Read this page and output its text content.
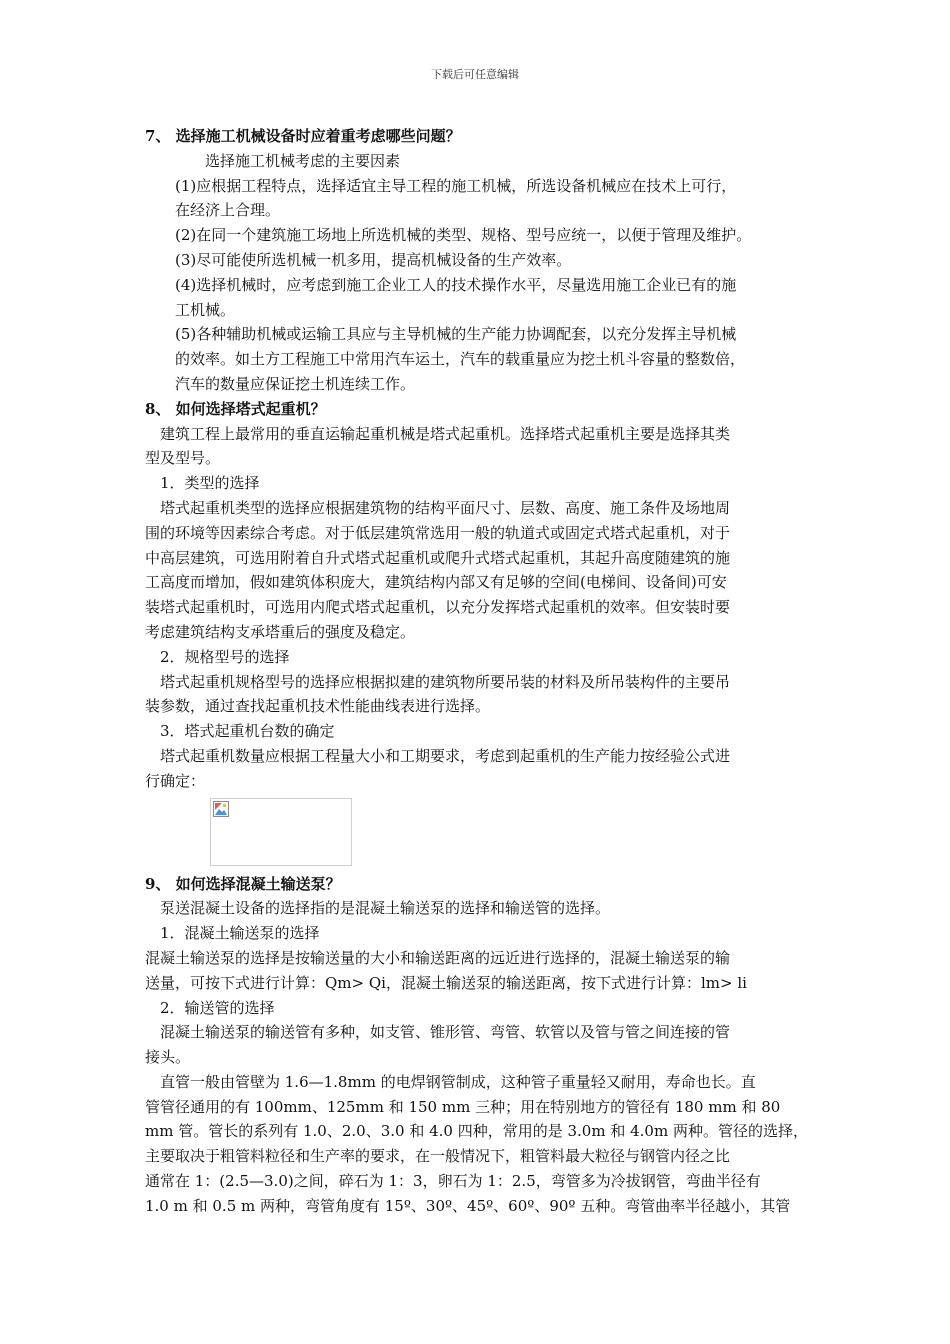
下载后可任意编辑
7、 选择施工机械设备时应着重考虑哪些问题？
选择施工机械考虑的主要因素
(1)应根据工程特点，选择适宜主导工程的施工机械，所选设备机械应在技术上可行，
在经济上合理。
(2)在同一个建筑施工场地上所选机械的类型、规格、型号应统一，以便于管理及维护。
(3)尽可能使所选机械一机多用，提高机械设备的生产效率。
(4)选择机械时，应考虑到施工企业工人的技术操作水平，尽量选用施工企业已有的施
工机械。
(5)各种辅助机械或运输工具应与主导机械的生产能力协调配套，以充分发挥主导机械
的效率。如土方工程施工中常用汽车运土，汽车的载重量应为挖土机斗容量的整数倍，
汽车的数量应保证挖土机连续工作。
8、 如何选择塔式起重机？
建筑工程上最常用的垂直运输起重机械是塔式起重机。选择塔式起重机主要是选择其类
型及型号。
1．类型的选择
塔式起重机类型的选择应根据建筑物的结构平面尺寸、层数、高度、施工条件及场地周
围的环境等因素综合考虑。对于低层建筑常选用一般的轨道式或固定式塔式起重机，对于
中高层建筑，可选用附着自升式塔式起重机或爬升式塔式起重机，其起升高度随建筑的施
工高度而增加，假如建筑体积庞大，建筑结构内部又有足够的空间(电梯间、设备间)可安
装塔式起重机时，可选用内爬式塔式起重机，以充分发挥塔式起重机的效率。但安装时要
考虑建筑结构支承塔重后的强度及稳定。
2．规格型号的选择
塔式起重机规格型号的选择应根据拟建的建筑物所要吊装的材料及所吊装构件的主要吊
装参数，通过查找起重机技术性能曲线表进行选择。
3．塔式起重机台数的确定
塔式起重机数量应根据工程量大小和工期要求，考虑到起重机的生产能力按经验公式进
行确定：
9、 如何选择混凝土输送泵？
泵送混凝土设备的选择指的是混凝土输送泵的选择和输送管的选择。
1．混凝土输送泵的选择
混凝土输送泵的选择是按输送量的大小和输送距离的远近进行选择的，混凝土输送泵的输
送量，可按下式进行计算：Qm> Qi，混凝土输送泵的输送距离，按下式进行计算：lm> li
2．输送管的选择
混凝土输送泵的输送管有多种，如支管、锥形管、弯管、软管以及管与管之间连接的管
接头。
直管一般由管壁为 1.6—1.8mm 的电焊钢管制成，这种管子重量轻又耐用，寿命也长。直
管管径通用的有 100mm、125mm 和 150 mm 三种；用在特别地方的管径有 180 mm 和 80
mm 管。管长的系列有 1.0、2.0、3.0 和 4.0 四种，常用的是 3.0m 和 4.0m 两种。管径的选择，
主要取决于粗管料粒径和生产率的要求，在一般情况下，粗管料最大粒径与钢管内径之比
通常在 1：(2.5—3.0)之间，碎石为 1：3，卵石为 1：2.5，弯管多为冷拔钢管，弯曲半径有
1.0 m 和 0.5 m 两种，弯管角度有 15º、30º、45º、60º、90º 五种。弯管曲率半径越小，其管
